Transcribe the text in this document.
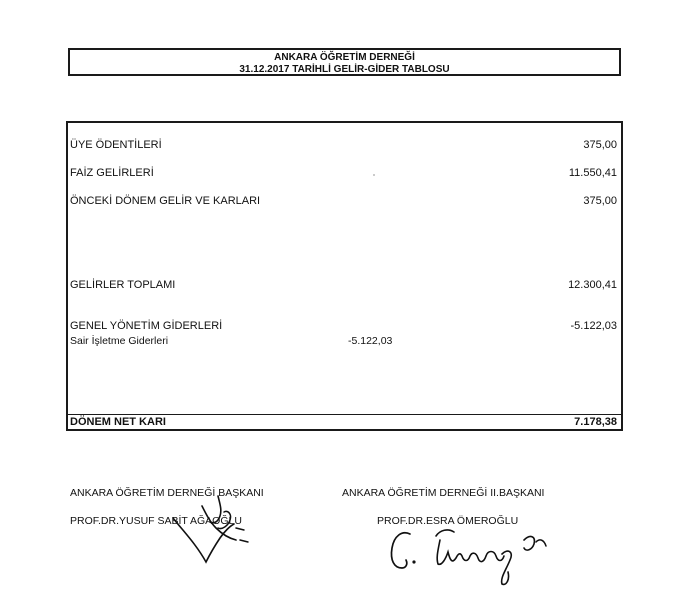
ANKARA ÖĞRETİM DERNEĞİ
31.12.2017 TARİHLİ GELİR-GİDER TABLOSU
ÜYE ÖDENTİLERİ	375,00
FAİZ GELİRLERİ	11.550,41
ÖNCEKİ DÖNEM GELİR VE KARLARI	375,00
GELİRLER TOPLAMI	12.300,41
GENEL YÖNETİM GİDERLERİ	-5.122,03
Sair İşletme Giderleri	-5.122,03
DÖNEM NET KARI	7.178,38
ANKARA ÖĞRETİM DERNEĞİ BAŞKANI
PROF.DR.YUSUF SABİT AĞAOĞLU
ANKARA ÖĞRETİM DERNEĞİ II.BAŞKANI
PROF.DR.ESRA ÖMEROĞLU
